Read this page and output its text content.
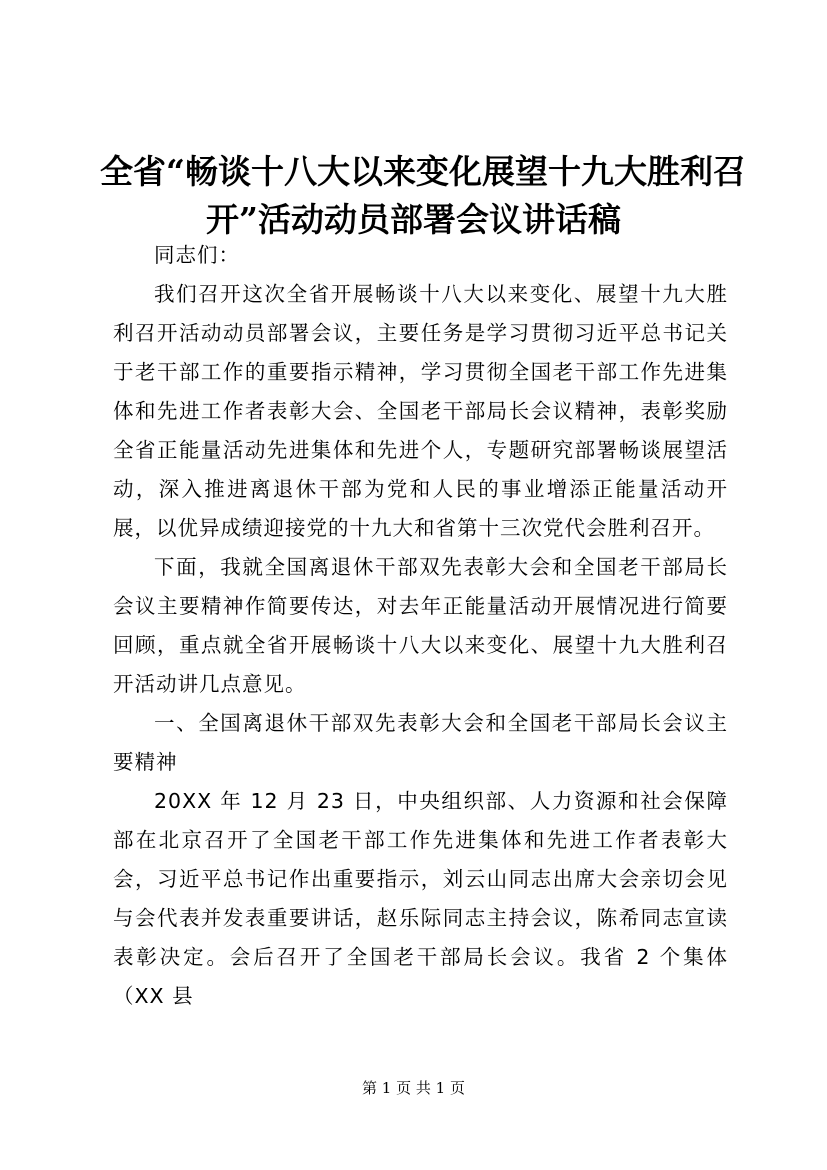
全省“畅谈十八大以来变化展望十九大胜利召
开”活动动员部署会议讲话稿

同志们：

我们召开这次全省开展畅谈十八大以来变化、展望十九大胜利召开活动动员部署会议，主要任务是学习贯彻习近平总书记关于老干部工作的重要指示精神，学习贯彻全国老干部工作先进集体和先进工作者表彰大会、全国老干部局长会议精神，表彰奖励全省正能量活动先进集体和先进个人，专题研究部署畅谈展望活动，深入推进离退休干部为党和人民的事业增添正能量活动开展，以优异成绩迎接党的十九大和省第十三次党代会胜利召开。

下面，我就全国离退休干部双先表彰大会和全国老干部局长会议主要精神作简要传达，对去年正能量活动开展情况进行简要回顾，重点就全省开展畅谈十八大以来变化、展望十九大胜利召开活动讲几点意见。

一、全国离退休干部双先表彰大会和全国老干部局长会议主要精神

20XX 年 12 月 23 日，中央组织部、人力资源和社会保障部在北京召开了全国老干部工作先进集体和先进工作者表彰大会，习近平总书记作出重要指示，刘云山同志出席大会亲切会见与会代表并发表重要讲话，赵乐际同志主持会议，陈希同志宣读表彰决定。会后召开了全国老干部局长会议。我省 2 个集体（XX 县

第 1 页 共 1 页
